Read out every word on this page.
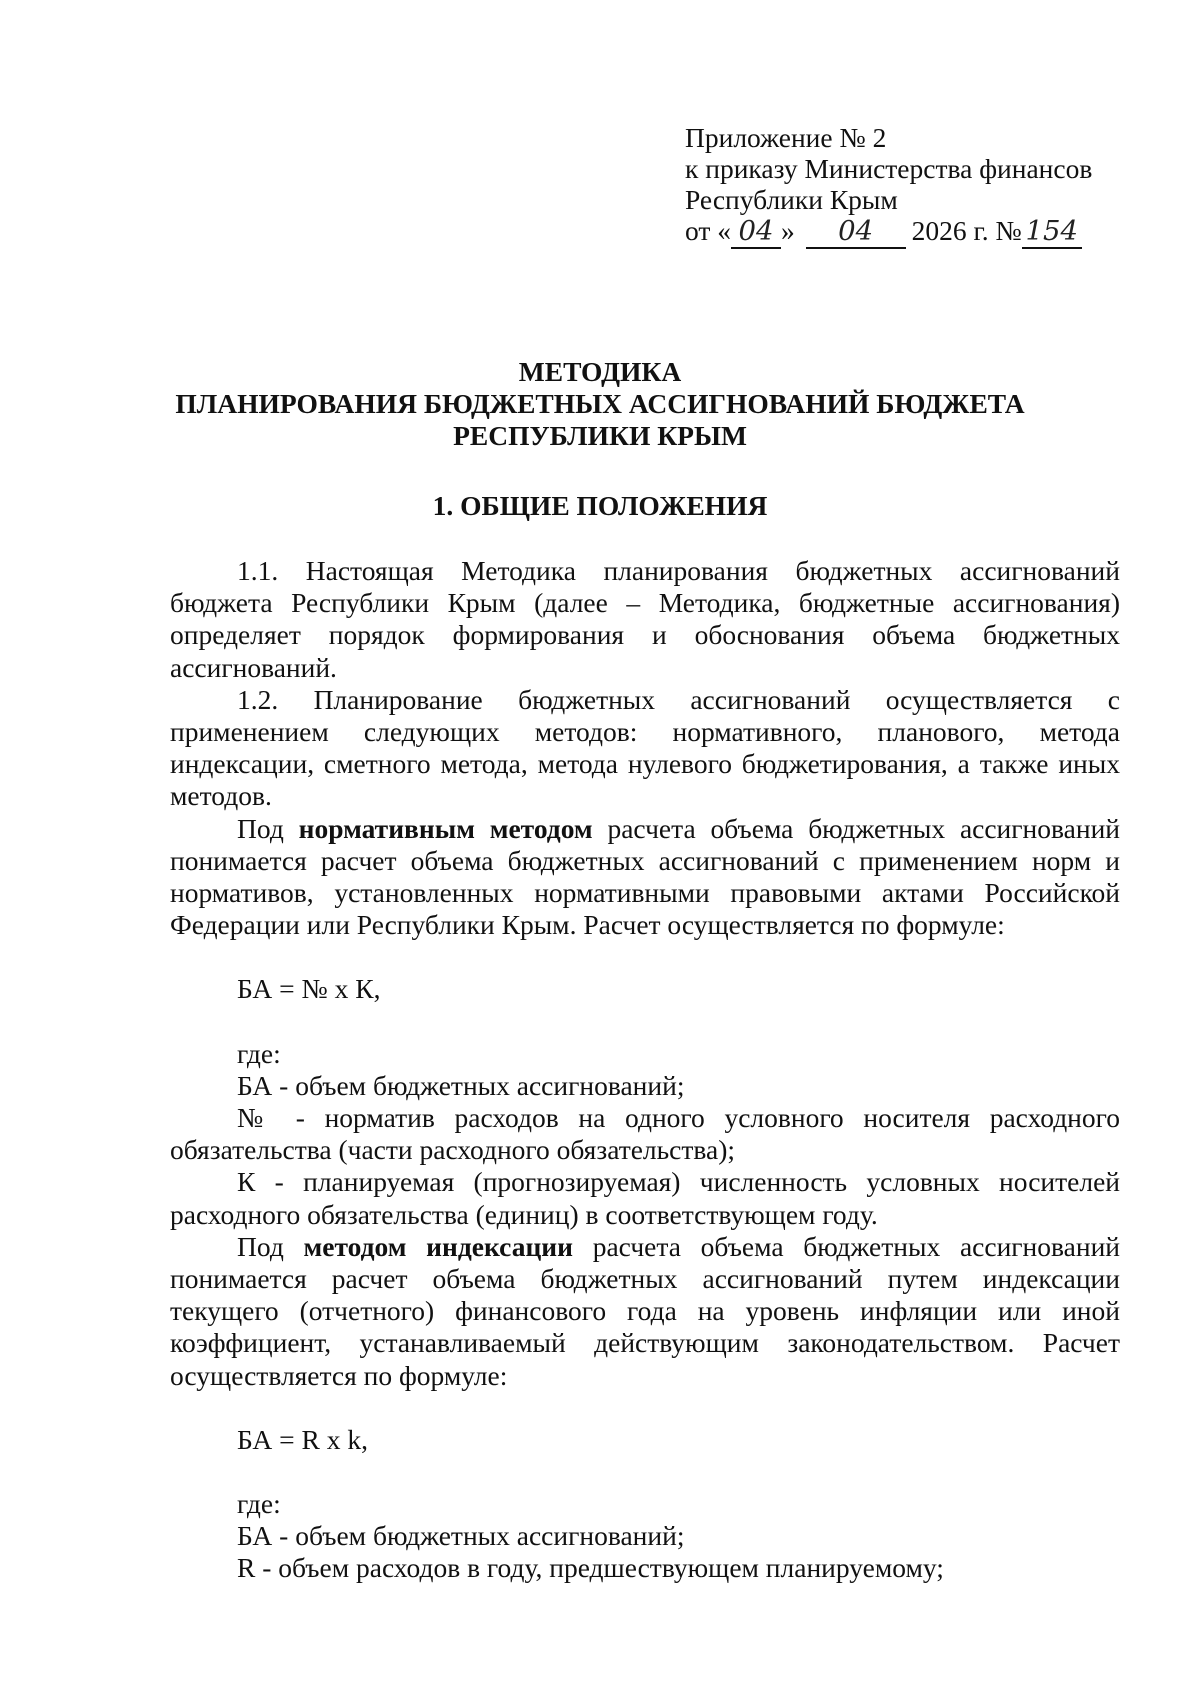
Приложение № 2
к приказу Министерства финансов
Республики Крым
от « 04 » 04 2026 г. № 154
МЕТОДИКА
ПЛАНИРОВАНИЯ БЮДЖЕТНЫХ АССИГНОВАНИЙ БЮДЖЕТА
РЕСПУБЛИКИ КРЫМ
1. ОБЩИЕ ПОЛОЖЕНИЯ

1.1. Настоящая Методика планирования бюджетных ассигнований бюджета Республики Крым (далее – Методика, бюджетные ассигнования) определяет порядок формирования и обоснования объема бюджетных ассигнований.

1.2. Планирование бюджетных ассигнований осуществляется с применением следующих методов: нормативного, планового, метода индексации, сметного метода, метода нулевого бюджетирования, а также иных методов.

Под нормативным методом расчета объема бюджетных ассигнований понимается расчет объема бюджетных ассигнований с применением норм и нормативов, установленных нормативными правовыми актами Российской Федерации или Республики Крым. Расчет осуществляется по формуле:

БА = № х К,

где:

БА - объем бюджетных ассигнований;

№ - норматив расходов на одного условного носителя расходного обязательства (части расходного обязательства);

К - планируемая (прогнозируемая) численность условных носителей расходного обязательства (единиц) в соответствующем году.

Под методом индексации расчета объема бюджетных ассигнований понимается расчет объема бюджетных ассигнований путем индексации текущего (отчетного) финансового года на уровень инфляции или иной коэффициент, устанавливаемый действующим законодательством. Расчет осуществляется по формуле:

БА = R х k,

где:

БА - объем бюджетных ассигнований;

R - объем расходов в году, предшествующем планируемому;
